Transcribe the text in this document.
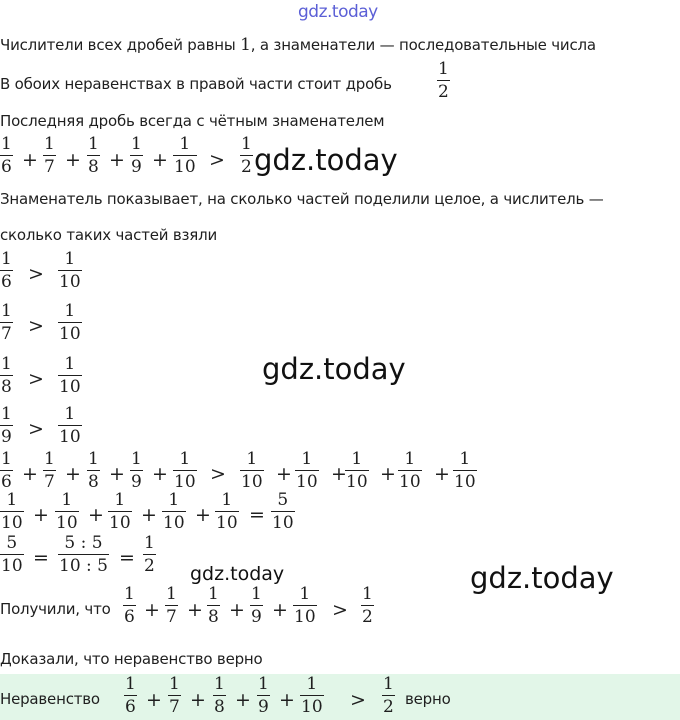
gdz.today
gdz.today
gdz.today
gdz.today	gdz.today
Числители всех дробей равны 1, а знаменатели — последовательные числа
В обоих неравенствах в правой части стоит дробь
1
2
Последняя дробь всегда с чётным знаменателем
1
6 +
1
7 +
1
8 +
1
9 +
1
10 >
1
2
Знаменатель показывает, на сколько частей поделили целое, а числитель —
сколько таких частей взяли
1
6 >
1
10
1
7 >
1
10
1
8 >
1
10
1
9 >
1
10
1
6 +
1
7 +
1
8 +
1
9 +
1
10 >
1
10 +
1
10 +
1
10 +
1
10 +
1
10
1
10 +
1
10 +
1
10 +
1
10 +
1
10 =
5
10
5
10 =
5 : 5
10 : 5 =
1
2
Получили, что
1
6 +
1
7 +
1
8 +
1
9 +
1
10 >
1
2
Доказали, что неравенство верно
Неравенство
1
6 +
1
7 +
1
8 +
1
9 +
1
10 >
1
2 верно
